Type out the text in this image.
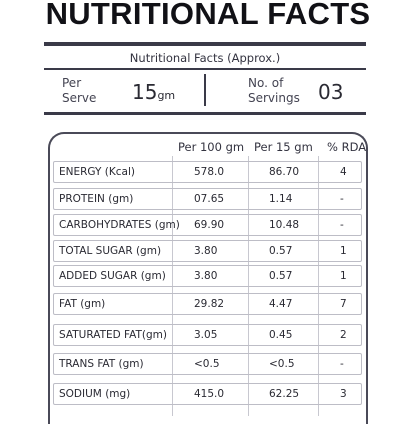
NUTRITIONAL FACTS
Nutritional Facts (Approx.)
Per
Serve 15gm
No. of
Servings 03
Per 100 gm Per 15 gm % RDA
ENERGY (Kcal)	578.0	86.70	4
PROTEIN (gm)	07.65	1.14	-
CARBOHYDRATES (gm) 69.90	10.48	-
TOTAL SUGAR (gm)	3.80	0.57	1
ADDED SUGAR (gm)	3.80	0.57	1
FAT (gm)	29.82	4.47	7
SATURATED FAT(gm)	3.05	0.45	2
TRANS FAT (gm)	<0.5	<0.5	-
SODIUM (mg)	415.0	62.25	3
